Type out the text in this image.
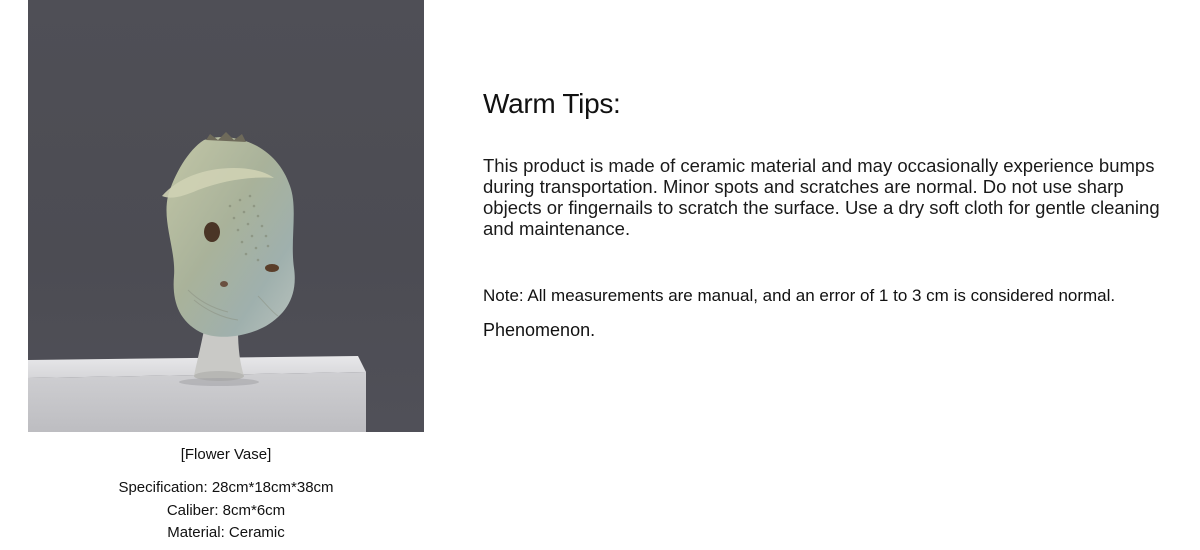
[Flower Vase]
Specification: 28cm*18cm*38cm
Caliber: 8cm*6cm
Material: Ceramic
Warm Tips:
This product is made of ceramic material and may occasionally experience bumps during transportation. Minor spots and scratches are normal. Do not use sharp objects or fingernails to scratch the surface. Use a dry soft cloth for gentle cleaning and maintenance.
Note: All measurements are manual, and an error of 1 to 3 cm is considered normal.
Phenomenon.
